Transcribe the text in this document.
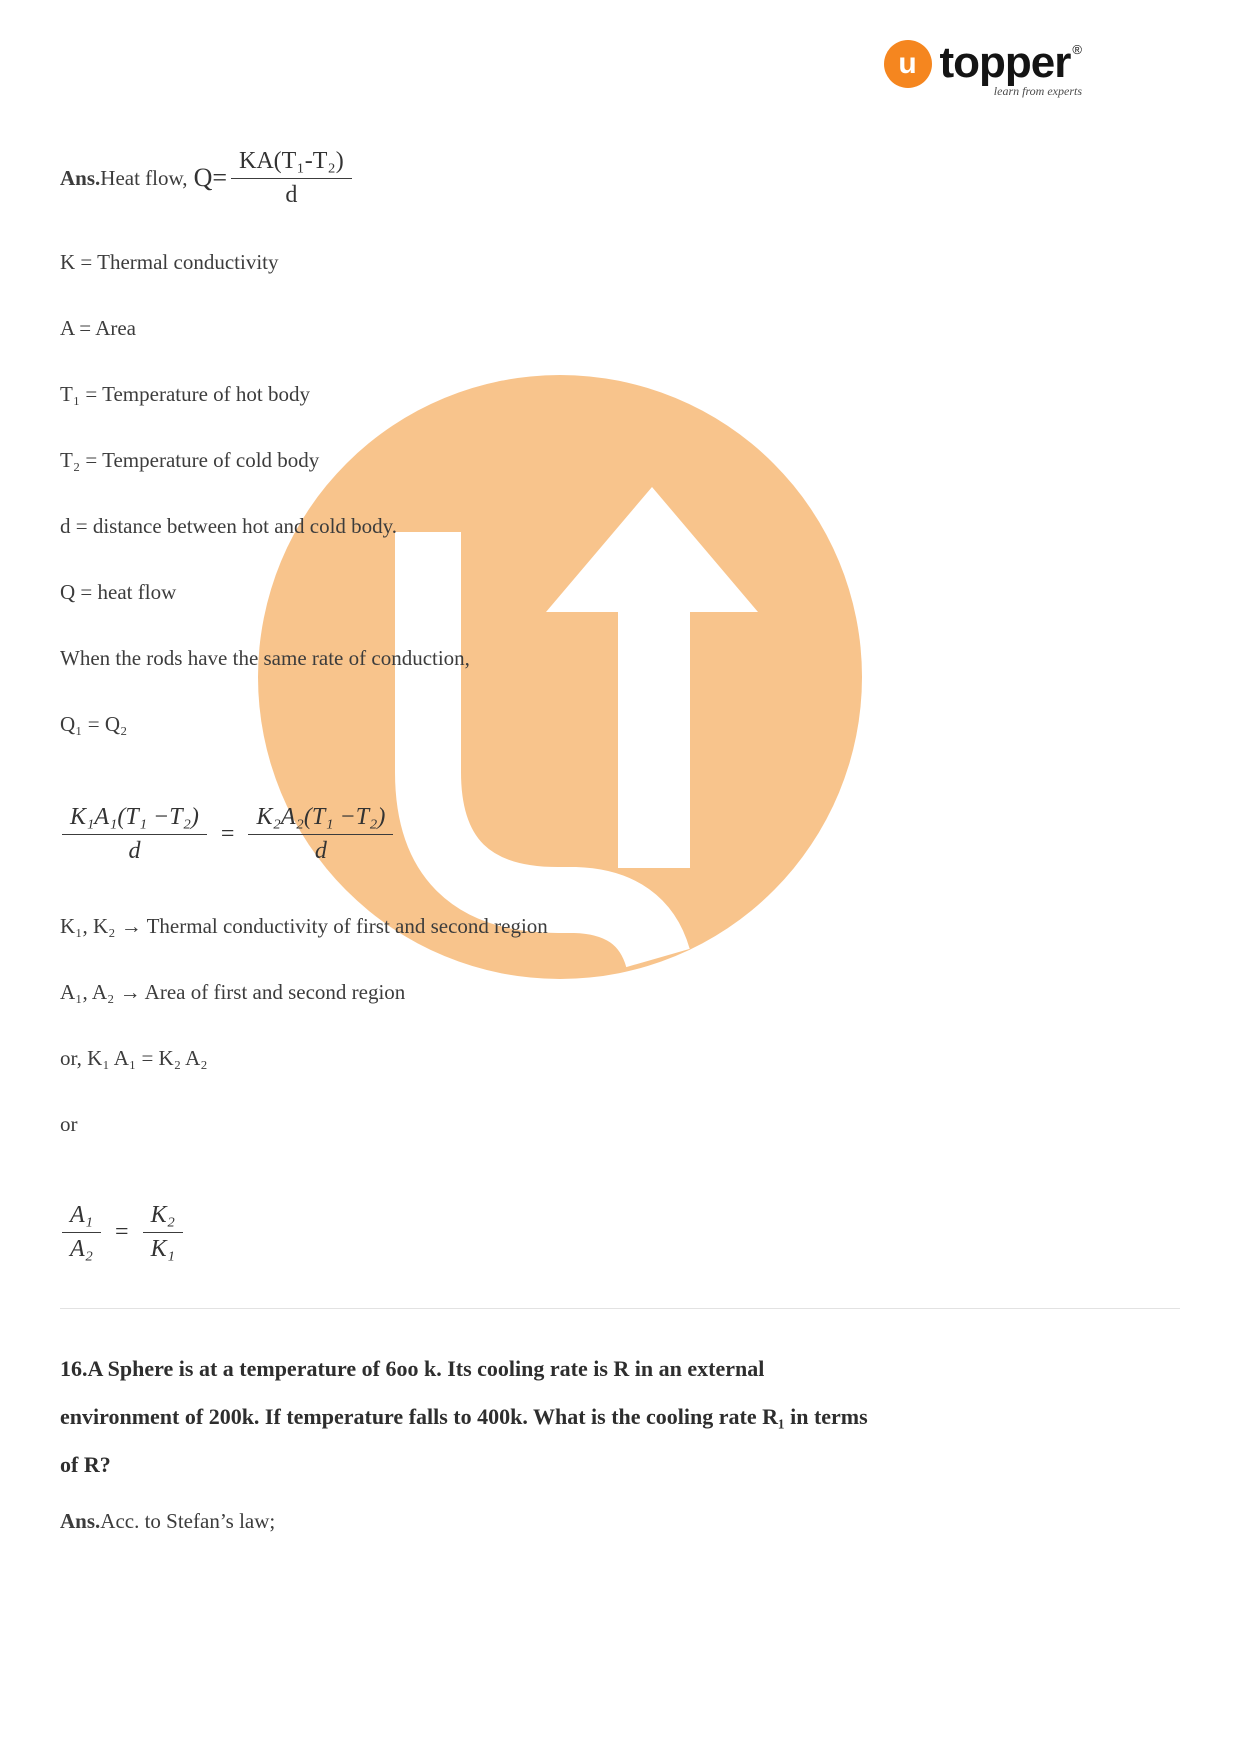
u topper ®
learn from experts
Ans. Heat flow, $Q= \frac{\text{KA(T₁-T₂)}}{d}$

K = Thermal conductivity

A = Area

T₁ = Temperature of hot body

T₂ = Temperature of cold body

d = distance between hot and cold body.

Q = heat flow

When the rods have the same rate of conduction,

Q₁ = Q₂

$\frac{\text{K₁A₁(T₁ −T₂)}}{d} = \frac{\text{K₂A₂(T₁ −T₂)}}{d}$

K₁, K₂ → Thermal conductivity of first and second region

A₁, A₂ → Area of first and second region

or, K₁ A₁ = K₂ A₂

or

$\frac{\text{A₁}}{\text{A₂}} = \frac{\text{K₂}}{\text{K₁}}$
16.A Sphere is at a temperature of 6oo k. Its cooling rate is R in an external
environment of 200k. If temperature falls to 400k. What is the cooling rate R₁ in terms
of R?

Ans.Acc. to Stefan’s law;
